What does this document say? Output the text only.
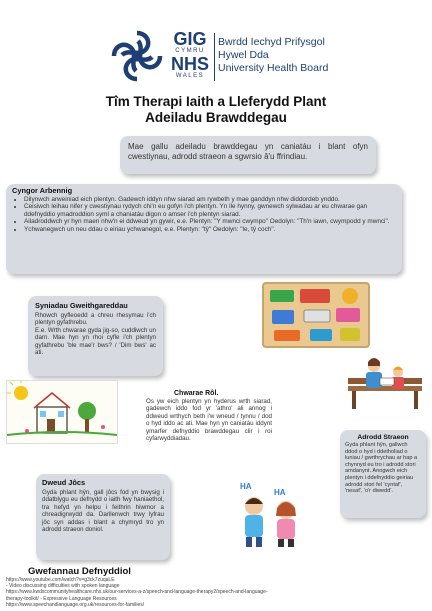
GIG
CYMRU
NHS
WALES
Bwrdd Iechyd Prifysgol
Hywel Dda
University Health Board
Tîm Therapi Iaith a Lleferydd Plant
Adeiladu Brawddegau
Mae gallu adeiladu brawddegau yn caniatáu i blant ofyn cwestiynau, adrodd straeon a sgwrsio â'u ffrindiau.
Cyngor Arbennig
• Dilynwch arweiniad eich plentyn. Gadewch iddyn nhw siarad am rywbeth y mae ganddyn nhw diddordeb ynddo.
• Ceisiwch leihau nifer y cwestiynau rydych chi'n eu gofyn i'ch plentyn. Yn lle hynny, gwnewch sylwadau ar eu chwarae gan ddefnyddio ymadroddion syml a chaniatáu digon o amser i'ch plentyn siarad.
• Ailadroddwch yr hyn maen nhw'n ei ddweud yn gywir, e.e. Plentyn: "Y mwnci cwympo" Oedolyn: "Th'n iawn, cwympodd y mwnci".
• Ychwanegwch un neu ddau o eiriau ychwanegol, e.e. Plentyn: "tŷ" Oedolyn: "le, tŷ coch".
Syniadau Gweithgareddau
Rhowch gyfleoedd a chreu rhesymau i'ch plentyn gyfathrebu.
E.e. Wrth chwarae gyda jig-so, cuddiwch un darn. Mae hyn yn rhoi cyfle i'ch plentyn gyfathrebu 'ble mae'r bws? / 'Dim bws' ac ati.
Chwarae Rôl.
Os yw eich plentyn yn hyderus wrth siarad, gadewch iddo fod yr 'athro' ali annog i ddweud wrthych beth i'w wneud / tynnu / dod o hyd iddo ac ati. Mae hyn yn caniatáu iddynt ymarfer defnyddio brawddegau clir i roi cyfarwyddiadau.	Adrodd Straeon
Gyda phlant hŷn, gallwch ddod o hyd i ddetholiad o luniau / gwrthrychau ar hap a chynnyd eu tro i adrodd stori amdanynt. Anogwch eich plentyn i ddefnyddio geiriau adrodd stori fel 'cyntaf', 'nesaf', 'o'r diwedd'.
Dweud Jôcs
Gyda phlant hŷn, gall jôcs fod yn bwysig i ddatblygu eu defnydd o iaith fwy haniaethol, tra hefyd yn helpu i feithrin hiwmor a chreadigrwydd da. Darllenwch trwy lyfrau jôc syn addas i blant a chymryd tro yn adrodd straeon doniol.
HA
HA
Gwefannau Defnyddiol
https://www.youtube.com/watch?v=g3ck7zuqaLE
- Video discussing difficulties with spoken language
https://www.kwdscommunityhealthcare.nhs.uk/our-services-a-z/speech-and-language-therapy2/speech-and-language-
therapy-toolkit/ - Expressive Language Resources
https://www.speechandlanguage.org.uk/resources-for-families/
